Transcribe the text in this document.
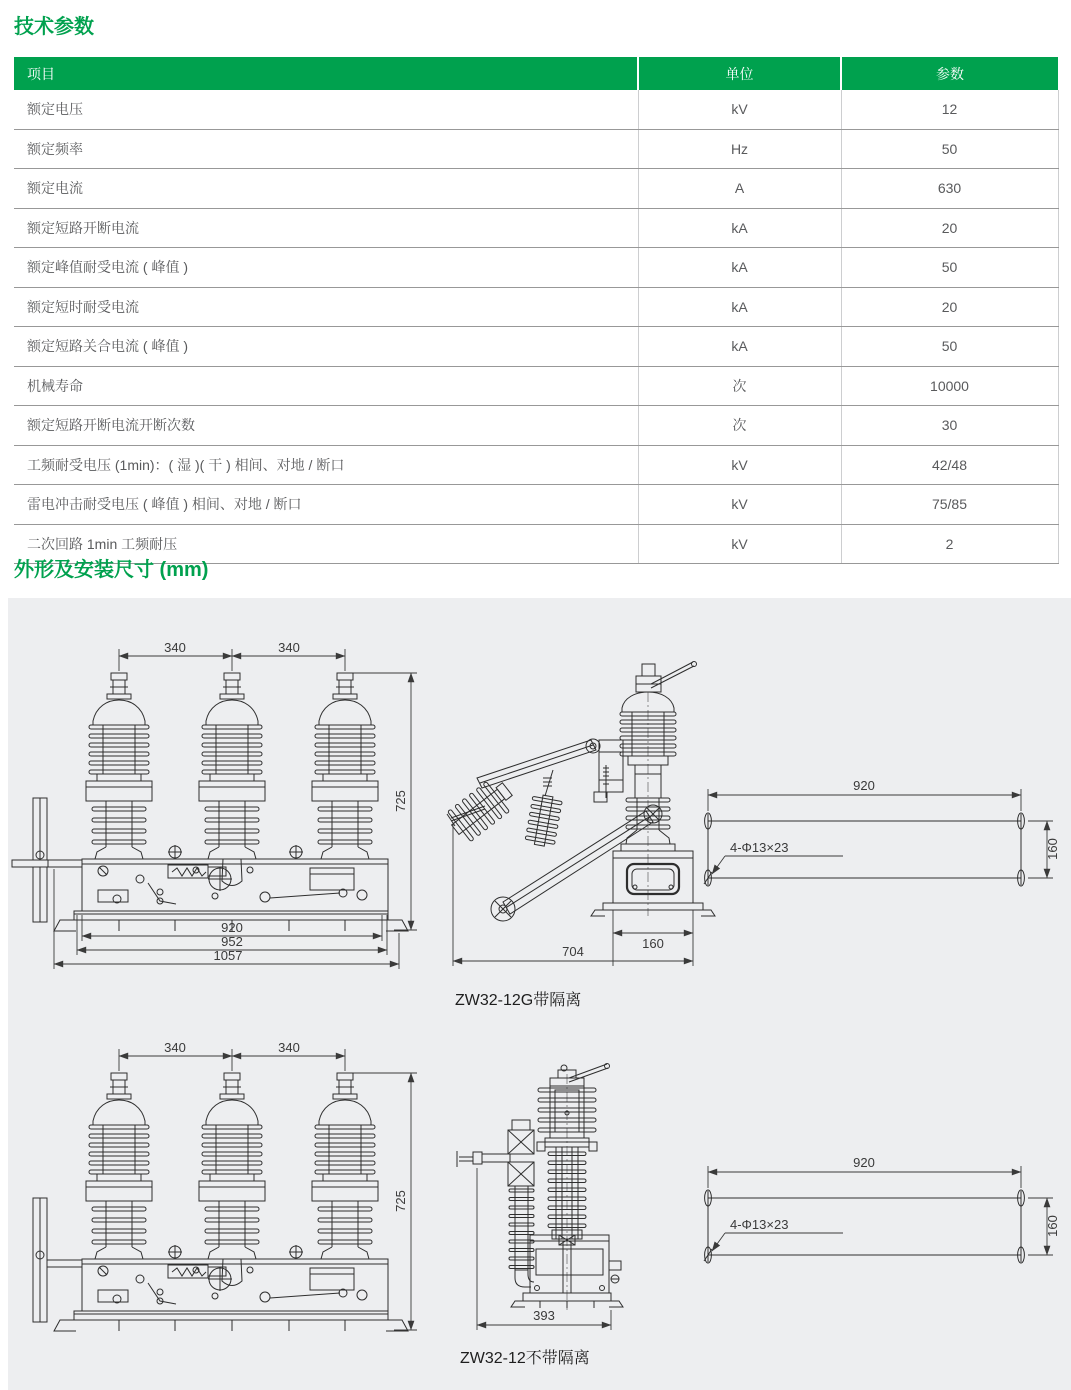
技术参数
项目	单位	参数
额定电压	kV	12
额定频率	Hz	50
额定电流	A	630
额定短路开断电流	kA	20
额定峰值耐受电流 ( 峰值 )	kA	50
额定短时耐受电流	kA	20
额定短路关合电流 ( 峰值 )	kA	50
机械寿命	次	10000
额定短路开断电流开断次数	次	30
工频耐受电压 (1min)：( 湿 )( 干 ) 相间、对地 / 断口	kV	42/48
雷电冲击耐受电压 ( 峰值 ) 相间、对地 / 断口	kV	75/85
二次回路 1min 工频耐压	kV	2
外形及安装尺寸 (mm)
920
952
1057
160
704
ZW32-12G带隔离
393
ZW32-12不带隔离
